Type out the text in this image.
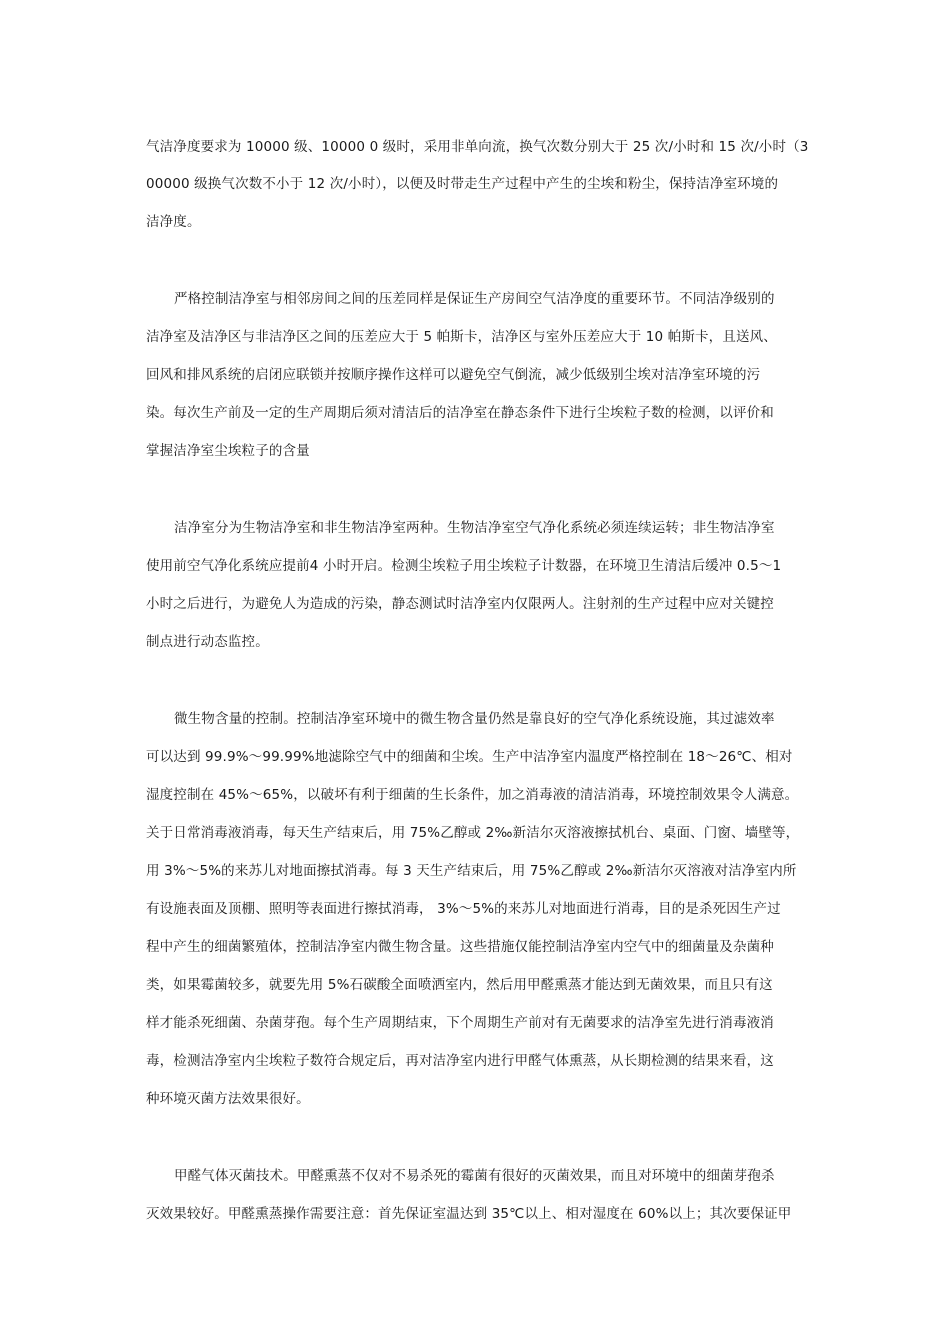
气洁净度要求为 10000 级、10000 0 级时，采用非单向流，换气次数分别大于 25 次/小时和 15 次/小时（3
00000 级换气次数不小于 12 次/小时），以便及时带走生产过程中产生的尘埃和粉尘，保持洁净室环境的
洁净度。
严格控制洁净室与相邻房间之间的压差同样是保证生产房间空气洁净度的重要环节。不同洁净级别的
洁净室及洁净区与非洁净区之间的压差应大于 5 帕斯卡，洁净区与室外压差应大于 10 帕斯卡，且送风、
回风和排风系统的启闭应联锁并按顺序操作这样可以避免空气倒流，减少低级别尘埃对洁净室环境的污
染。每次生产前及一定的生产周期后须对清洁后的洁净室在静态条件下进行尘埃粒子数的检测，以评价和
掌握洁净室尘埃粒子的含量
洁净室分为生物洁净室和非生物洁净室两种。生物洁净室空气净化系统必须连续运转；非生物洁净室
使用前空气净化系统应提前4 小时开启。检测尘埃粒子用尘埃粒子计数器，在环境卫生清洁后缓冲 0.5～1
小时之后进行，为避免人为造成的污染，静态测试时洁净室内仅限两人。注射剂的生产过程中应对关键控
制点进行动态监控。
微生物含量的控制。控制洁净室环境中的微生物含量仍然是靠良好的空气净化系统设施，其过滤效率
可以达到 99.9%～99.99%地滤除空气中的细菌和尘埃。生产中洁净室内温度严格控制在 18～26℃、相对
湿度控制在 45%～65%，以破坏有利于细菌的生长条件，加之消毒液的清洁消毒，环境控制效果令人满意。
关于日常消毒液消毒，每天生产结束后，用 75%乙醇或 2‰新洁尔灭溶液擦拭机台、桌面、门窗、墙壁等，
用 3%～5%的来苏儿对地面擦拭消毒。每 3 天生产结束后，用 75%乙醇或 2‰新洁尔灭溶液对洁净室内所
有设施表面及顶棚、照明等表面进行擦拭消毒， 3%～5%的来苏儿对地面进行消毒，目的是杀死因生产过
程中产生的细菌繁殖体，控制洁净室内微生物含量。这些措施仅能控制洁净室内空气中的细菌量及杂菌种
类，如果霉菌较多，就要先用 5%石碳酸全面喷洒室内，然后用甲醛熏蒸才能达到无菌效果，而且只有这
样才能杀死细菌、杂菌芽孢。每个生产周期结束，下个周期生产前对有无菌要求的洁净室先进行消毒液消
毒，检测洁净室内尘埃粒子数符合规定后，再对洁净室内进行甲醛气体熏蒸，从长期检测的结果来看，这
种环境灭菌方法效果很好。
甲醛气体灭菌技术。甲醛熏蒸不仅对不易杀死的霉菌有很好的灭菌效果，而且对环境中的细菌芽孢杀
灭效果较好。甲醛熏蒸操作需要注意：首先保证室温达到 35℃以上、相对湿度在 60%以上；其次要保证甲
